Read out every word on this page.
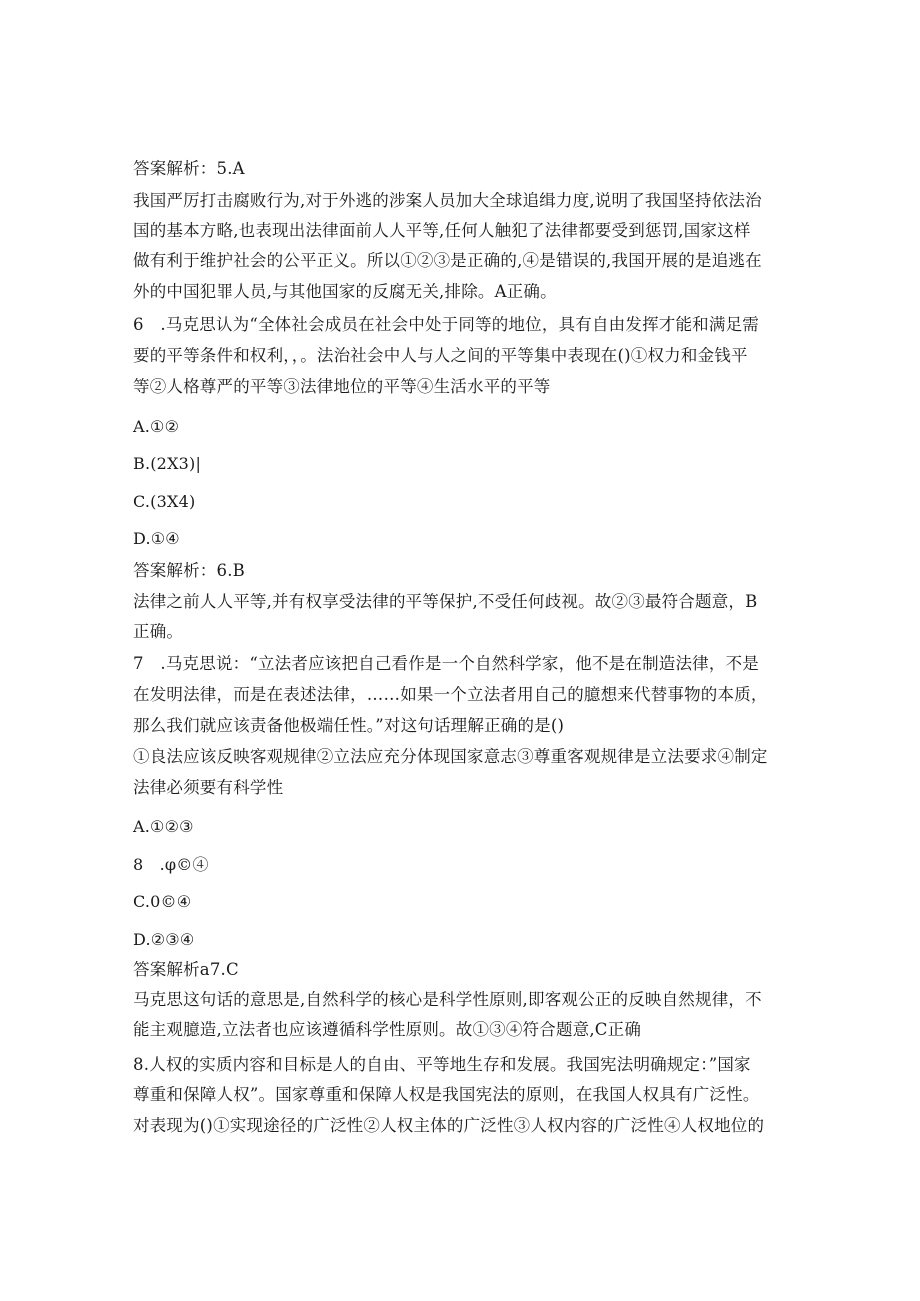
答案解析：5.A
我国严厉打击腐败行为,对于外逃的涉案人员加大全球追缉力度,说明了我国坚持依法治
国的基本方略,也表现出法律面前人人平等,任何人触犯了法律都要受到惩罚,国家这样
做有利于维护社会的公平正义。所以①②③是正确的,④是错误的,我国开展的是追逃在
外的中国犯罪人员,与其他国家的反腐无关,排除。A正确。
6　.马克思认为“全体社会成员在社会中处于同等的地位，具有自由发挥才能和满足需
要的平等条件和权利，，。法治社会中人与人之间的平等集中表现在()①权力和金钱平
等②人格尊严的平等③法律地位的平等④生活水平的平等
A.①②
B.(2X3)|
C.(3X4)
D.①④
答案解析：6.B
法律之前人人平等,并有权享受法律的平等保护,不受任何歧视。故②③最符合题意，B
正确。
7　.马克思说：“立法者应该把自己看作是一个自然科学家，他不是在制造法律，不是
在发明法律，而是在表述法律，……如果一个立法者用自己的臆想来代替事物的本质，
那么我们就应该责备他极端任性。”对这句话理解正确的是()
①良法应该反映客观规律②立法应充分体现国家意志③尊重客观规律是立法要求④制定
法律必须要有科学性
A.①②③
8　.φ©④
C.0©④
D.②③④
答案解析a7.C
马克思这句话的意思是,自然科学的核心是科学性原则,即客观公正的反映自然规律，不
能主观臆造,立法者也应该遵循科学性原则。故①③④符合题意,C正确
8.人权的实质内容和目标是人的自由、平等地生存和发展。我国宪法明确规定：”国家
尊重和保障人权”。国家尊重和保障人权是我国宪法的原则，在我国人权具有广泛性。
对表现为()①实现途径的广泛性②人权主体的广泛性③人权内容的广泛性④人权地位的
